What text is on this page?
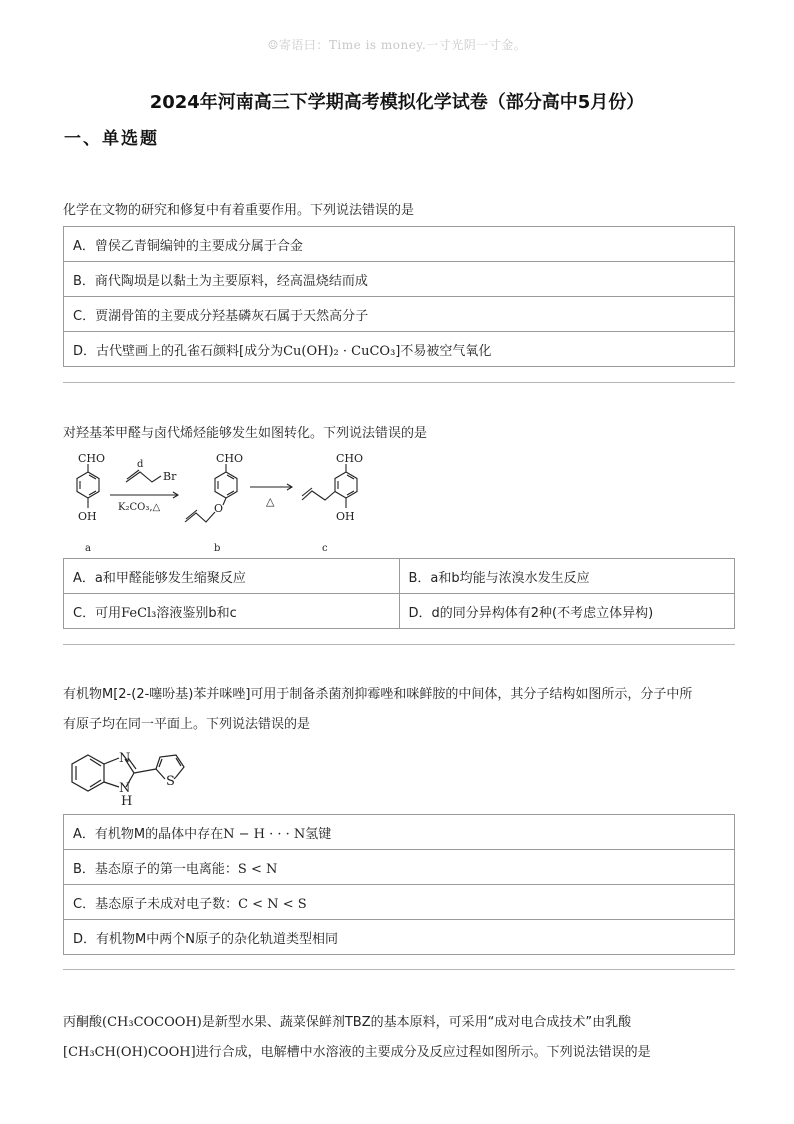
☺寄语曰：Time is money.一寸光阴一寸金。
2024年河南高三下学期高考模拟化学试卷（部分高中5月份）
一、单选题
化学在文物的研究和修复中有着重要作用。下列说法错误的是
A．曾侯乙青铜编钟的主要成分属于合金
B．商代陶埙是以黏土为主要原料，经高温烧结而成
C．贾湖骨笛的主要成分羟基磷灰石属于天然高分子
D．古代壁画上的孔雀石颜料[成分为Cu(OH)₂ · CuCO₃]不易被空气氧化
对羟基苯甲醛与卤代烯烃能够发生如图转化。下列说法错误的是
CHO
OH
a
d
Br
K₂CO₃,△
CHO
O
b
△
CHO
OH
c
A．a和甲醛能够发生缩聚反应	B．a和b均能与浓溴水发生反应
C．可用FeCl₃溶液鉴别b和c	D．d的同分异构体有2种(不考虑立体异构)
有机物M[2-(2-噻吩基)苯并咪唑]可用于制备杀菌剂抑霉唑和咪鲜胺的中间体，其分子结构如图所示，分子中所
有原子均在同一平面上。下列说法错误的是
N
N
H
S
A．有机物M的晶体中存在N − H · · · N氢键
B．基态原子的第一电离能：S < N
C．基态原子未成对电子数：C < N < S
D．有机物M中两个N原子的杂化轨道类型相同
丙酮酸(CH₃COCOOH)是新型水果、蔬菜保鲜剂TBZ的基本原料，可采用“成对电合成技术”由乳酸
[CH₃CH(OH)COOH]进行合成，电解槽中水溶液的主要成分及反应过程如图所示。下列说法错误的是
